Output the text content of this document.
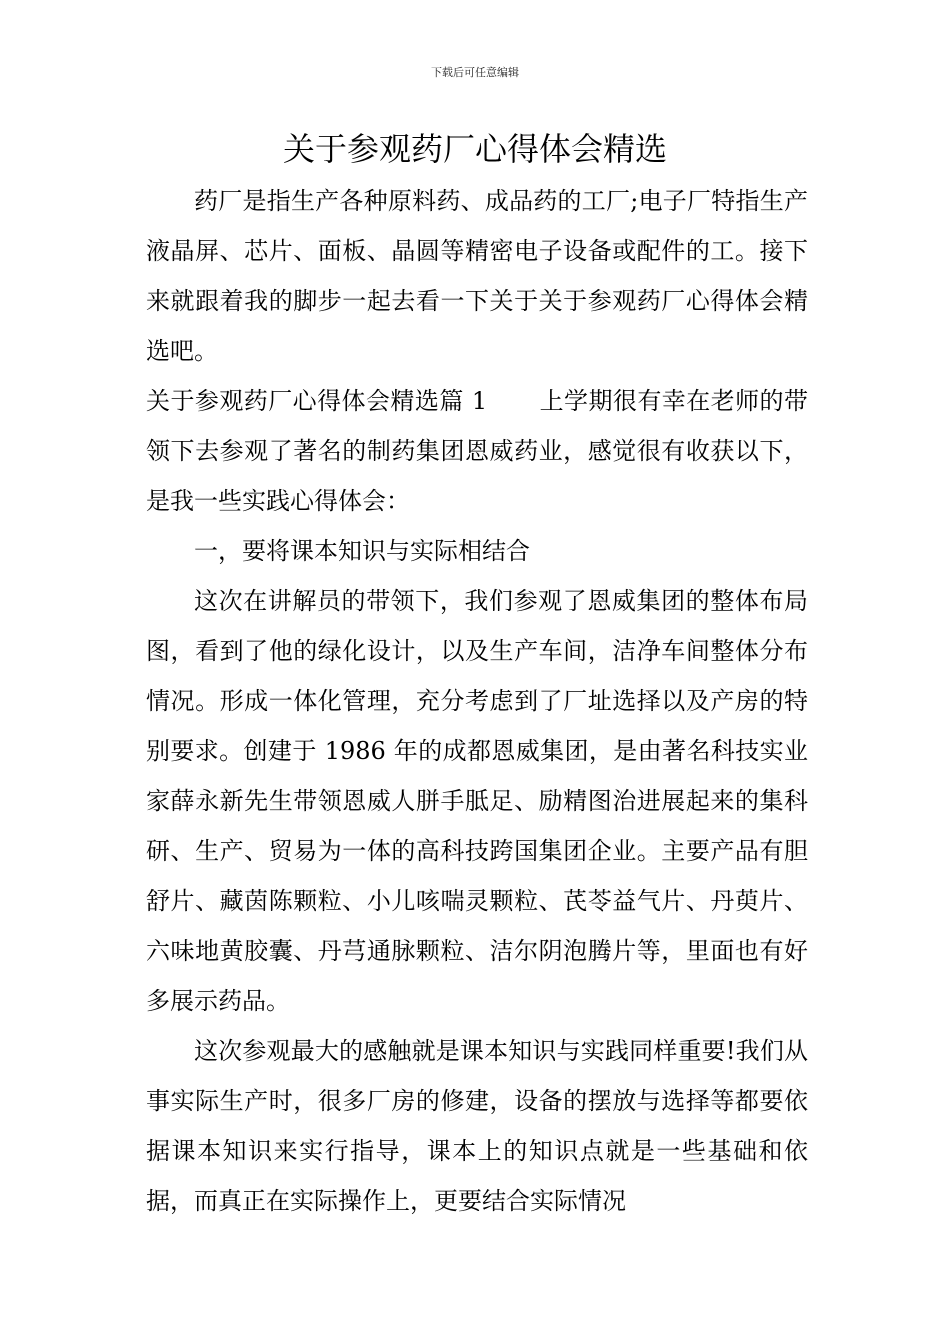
下载后可任意编辑
关于参观药厂心得体会精选

药厂是指生产各种原料药、成品药的工厂;电子厂特指生产液晶屏、芯片、面板、晶圆等精密电子设备或配件的工。接下来就跟着我的脚步一起去看一下关于关于参观药厂心得体会精选吧。

关于参观药厂心得体会精选篇 1 上学期很有幸在老师的带领下去参观了著名的制药集团恩威药业，感觉很有收获以下，是我一些实践心得体会：

一，要将课本知识与实际相结合

这次在讲解员的带领下，我们参观了恩威集团的整体布局图，看到了他的绿化设计，以及生产车间，洁净车间整体分布情况。形成一体化管理，充分考虑到了厂址选择以及产房的特别要求。创建于 1986 年的成都恩威集团，是由著名科技实业家薛永新先生带领恩威人胼手胝足、励精图治进展起来的集科研、生产、贸易为一体的高科技跨国集团企业。主要产品有胆舒片、藏茵陈颗粒、小儿咳喘灵颗粒、芪苓益气片、丹萸片、六味地黄胶囊、丹芎通脉颗粒、洁尔阴泡腾片等，里面也有好多展示药品。

这次参观最大的感触就是课本知识与实践同样重要!我们从事实际生产时，很多厂房的修建，设备的摆放与选择等都要依据课本知识来实行指导，课本上的知识点就是一些基础和依据，而真正在实际操作上，更要结合实际情况
